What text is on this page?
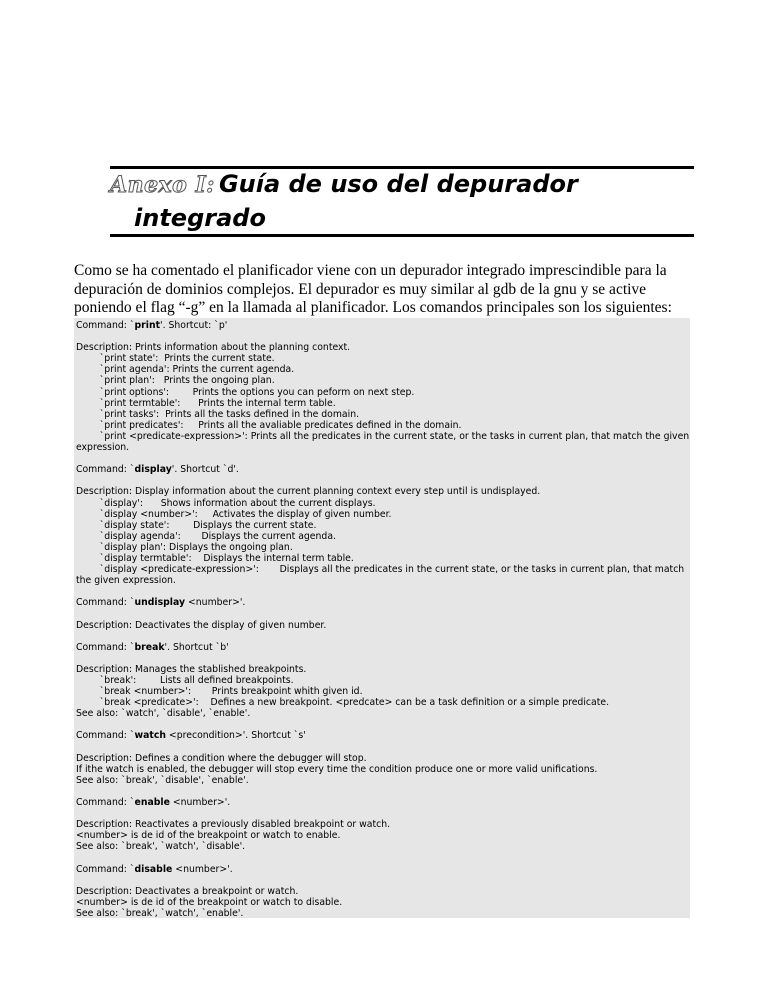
Anexo I: Guía de uso del depurador
integrado
Como se ha comentado el planificador viene con un depurador integrado imprescindible para la
depuración de dominios complejos. El depurador es muy similar al gdb de la gnu y se active
poniendo el flag “-g” en la llamada al planificador. Los comandos principales son los siguientes:
Command: `print'. Shortcut: `p'

Description: Prints information about the planning context.
`print state':  Prints the current state.
`print agenda': Prints the current agenda.
`print plan':   Prints the ongoing plan.
`print options':        Prints the options you can peform on next step.
`print termtable':      Prints the internal term table.
`print tasks':  Prints all the tasks defined in the domain.
`print predicates':     Prints all the avaliable predicates defined in the domain.
`print <predicate-expression>': Prints all the predicates in the current state, or the tasks in current plan, that match the given
expression.

Command: `display'. Shortcut `d'.

Description: Display information about the current planning context every step until is undisplayed.
`display':      Shows information about the current displays.
`display <number>':     Activates the display of given number.
`display state':        Displays the current state.
`display agenda':       Displays the current agenda.
`display plan': Displays the ongoing plan.
`display termtable':    Displays the internal term table.
`display <predicate-expression>':       Displays all the predicates in the current state, or the tasks in current plan, that match
the given expression.

Command: `undisplay <number>'.

Description: Deactivates the display of given number.

Command: `break'. Shortcut `b'

Description: Manages the stablished breakpoints.
`break':        Lists all defined breakpoints.
`break <number>':       Prints breakpoint whith given id.
`break <predicate>':    Defines a new breakpoint. <predcate> can be a task definition or a simple predicate.
See also: `watch', `disable', `enable'.

Command: `watch <precondition>'. Shortcut `s'

Description: Defines a condition where the debugger will stop.
If ithe watch is enabled, the debugger will stop every time the condition produce one or more valid unifications.
See also: `break', `disable', `enable'.

Command: `enable <number>'.

Description: Reactivates a previously disabled breakpoint or watch.
<number> is de id of the breakpoint or watch to enable.
See also: `break', `watch', `disable'.

Command: `disable <number>'.

Description: Deactivates a breakpoint or watch.
<number> is de id of the breakpoint or watch to disable.
See also: `break', `watch', `enable'.
